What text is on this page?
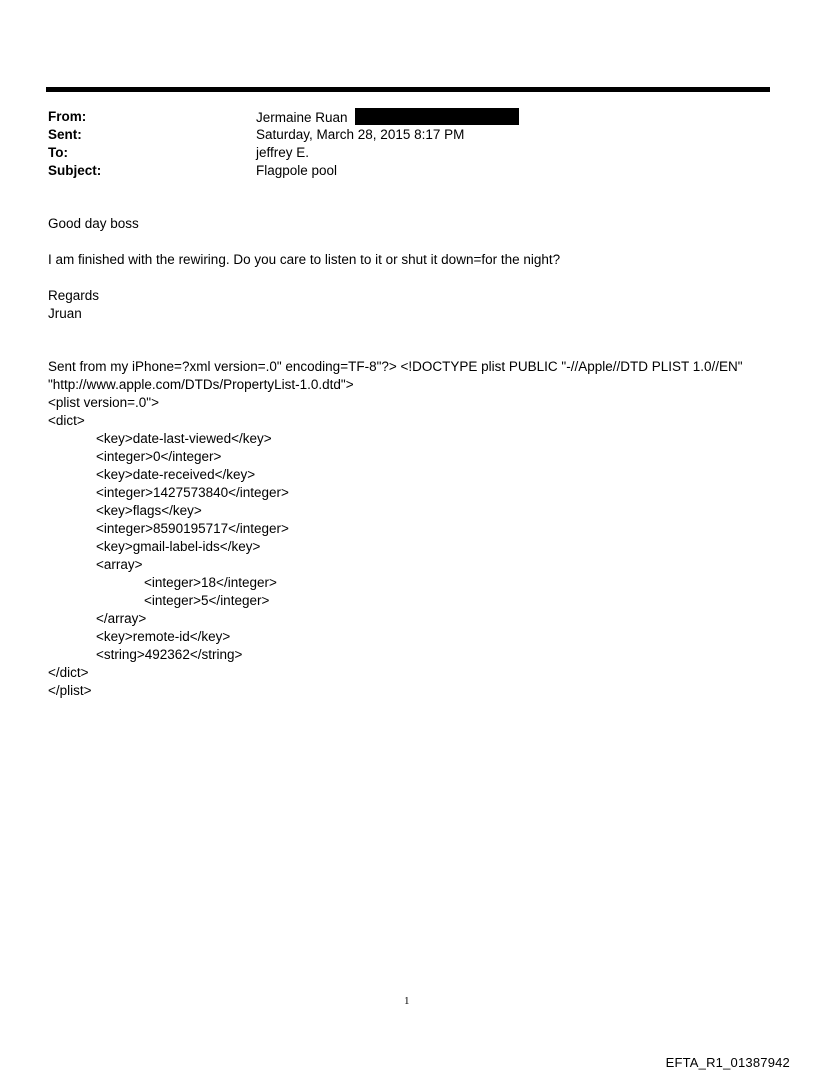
From:	Jermaine Ruan
Sent:	Saturday, March 28, 2015 8:17 PM
To:	jeffrey E.
Subject:	Flagpole pool

Good day boss

I am finished with the rewiring. Do you care to listen to it or shut it down=for the night?

Regards

Jruan

Sent from my iPhone=?xml version=.0" encoding=TF-8"?> <!DOCTYPE plist PUBLIC "-//Apple//DTD PLIST 1.0//EN"

"http://www.apple.com/DTDs/PropertyList-1.0.dtd">

<plist version=.0">

<dict>

<key>date-last-viewed</key>

<integer>0</integer>

<key>date-received</key>

<integer>1427573840</integer>

<key>flags</key>

<integer>8590195717</integer>

<key>gmail-label-ids</key>

<array>

<integer>18</integer>

<integer>5</integer>

</array>

<key>remote-id</key>

<string>492362</string>

</dict>

</plist>

1
EFTA_R1_01387942
